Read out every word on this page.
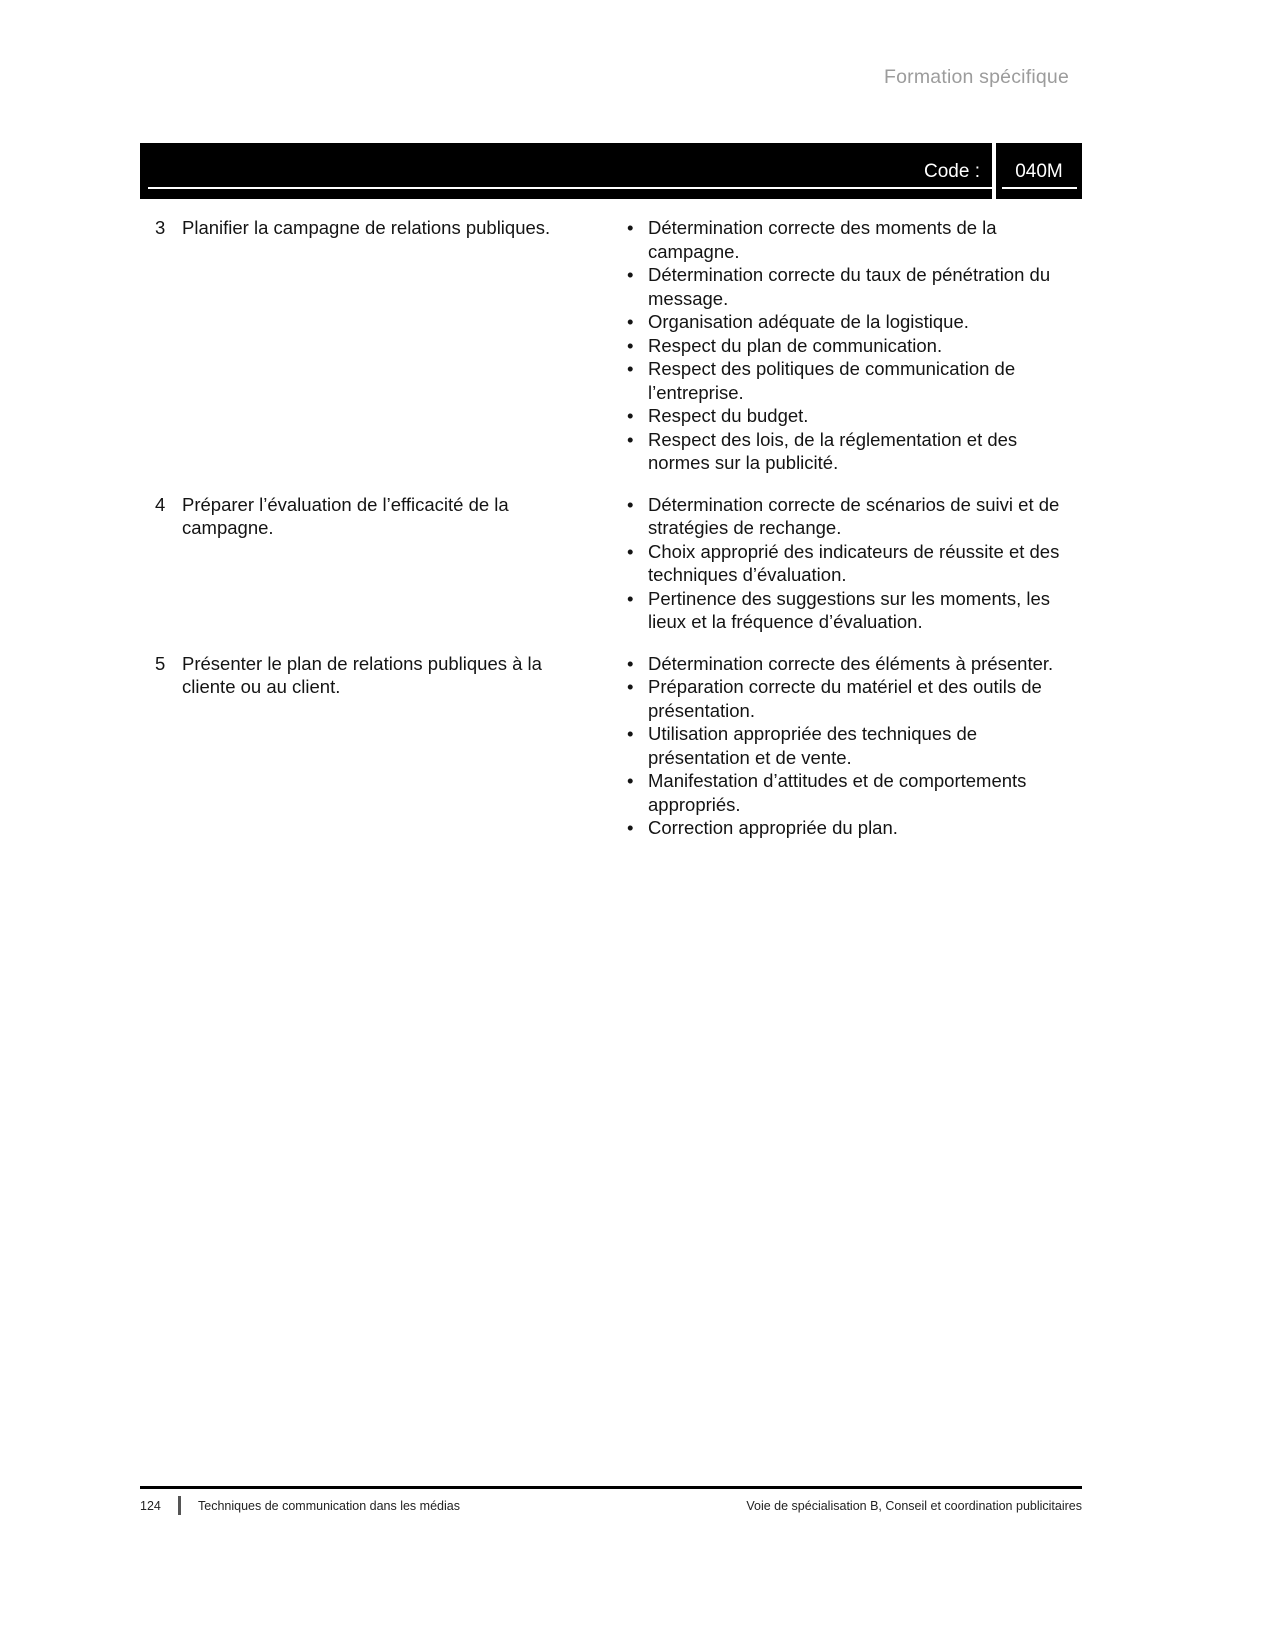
Formation spécifique
Code : 040M
3 Planifier la campagne de relations publiques.	• Détermination correcte des moments de la campagne.
• Détermination correcte du taux de pénétration du message.
• Organisation adéquate de la logistique.
• Respect du plan de communication.
• Respect des politiques de communication de l’entreprise.
• Respect du budget.
• Respect des lois, de la réglementation et des normes sur la publicité.
4 Préparer l’évaluation de l’efficacité de la campagne.
• Détermination correcte de scénarios de suivi et de stratégies de rechange.
• Choix approprié des indicateurs de réussite et des techniques d’évaluation.
• Pertinence des suggestions sur les moments, les lieux et la fréquence d’évaluation.
5 Présenter le plan de relations publiques à la cliente ou au client.
• Détermination correcte des éléments à présenter.
• Préparation correcte du matériel et des outils de présentation.
• Utilisation appropriée des techniques de présentation et de vente.
• Manifestation d’attitudes et de comportements appropriés.
• Correction appropriée du plan.
124	Techniques de communication dans les médias	Voie de spécialisation B, Conseil et coordination publicitaires
